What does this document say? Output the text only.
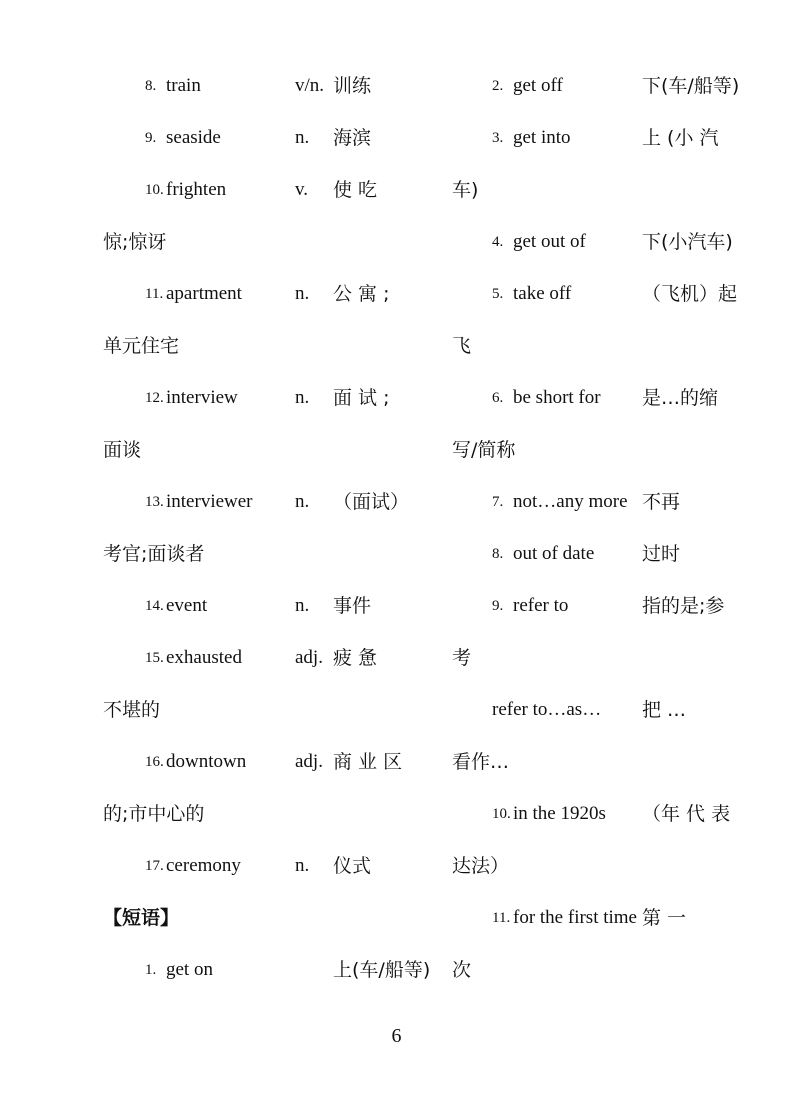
8. train	v/n. 训练
9. seaside	n. 海滨
10. frighten	v. 使 吃
惊;惊讶
11. apartment	n. 公 寓 ;
单元住宅
12. interview	n. 面 试 ;
面谈
13. interviewer n. （面试）
考官;面谈者
14. event	n. 事件
15. exhausted	adj. 疲 惫
不堪的
16. downtown	adj. 商 业 区
的;市中心的
17. ceremony	n. 仪式
【短语】
1. get on	上(车/船等)
2. get off	下(车/船等)
3. get into	上 (小 汽
车)
4. get out of	下(小汽车)
5. take off	（飞机）起
飞
6. be short for 是…的缩
写/简称
7. not…any more 不再
8. out of date	过时
9. refer to	指的是;参
考
refer to…as… 把 …
看作…
10. in the 1920s （年 代 表
达法）
11. for the first time 第 一
次
6
